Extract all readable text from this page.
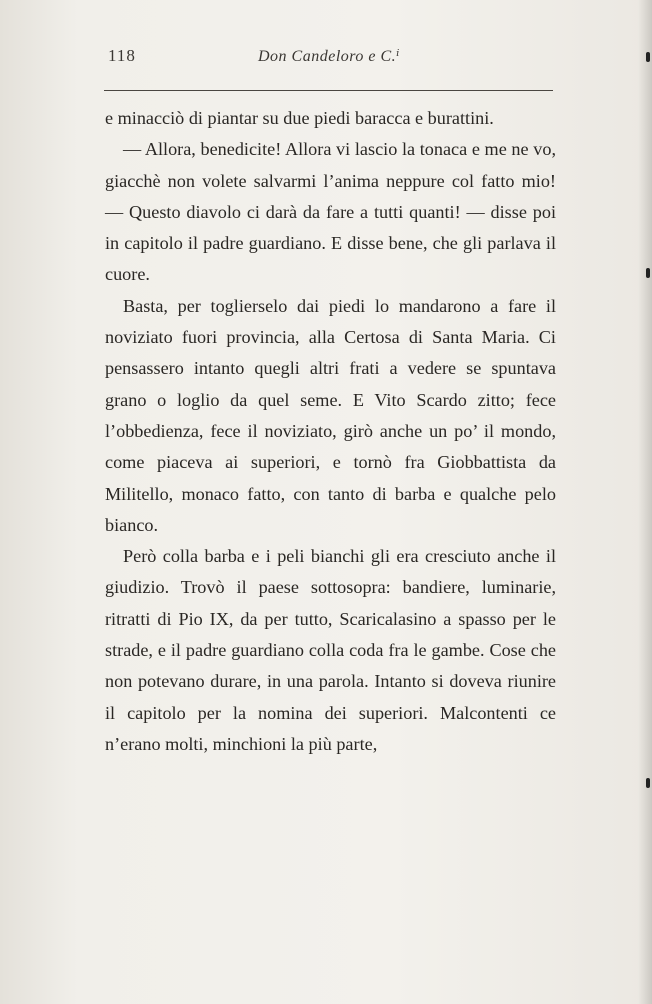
118	Don Candeloro e C.ⁱ

e minacciò di piantar su due piedi baracca e burattini.

— Allora, benedicite! Allora vi lascio la tonaca e me ne vo, giacchè non volete salvarmi l’anima neppure col fatto mio! — Questo diavolo ci darà da fare a tutti quanti! — disse poi in capitolo il padre guardiano. E disse bene, che gli parlava il cuore.

Basta, per toglierselo dai piedi lo mandarono a fare il noviziato fuori provincia, alla Certosa di Santa Maria. Ci pensassero intanto quegli altri frati a vedere se spuntava grano o loglio da quel seme. E Vito Scardo zitto; fece l’obbedienza, fece il noviziato, girò anche un po’ il mondo, come piaceva ai superiori, e tornò fra Giobbattista da Militello, monaco fatto, con tanto di barba e qualche pelo bianco.

Però colla barba e i peli bianchi gli era cresciuto anche il giudizio. Trovò il paese sottosopra: bandiere, luminarie, ritratti di Pio IX, da per tutto, Scaricalasino a spasso per le strade, e il padre guardiano colla coda fra le gambe. Cose che non potevano durare, in una parola. Intanto si doveva riunire il capitolo per la nomina dei superiori. Malcontenti ce n’erano molti, minchioni la più parte,
